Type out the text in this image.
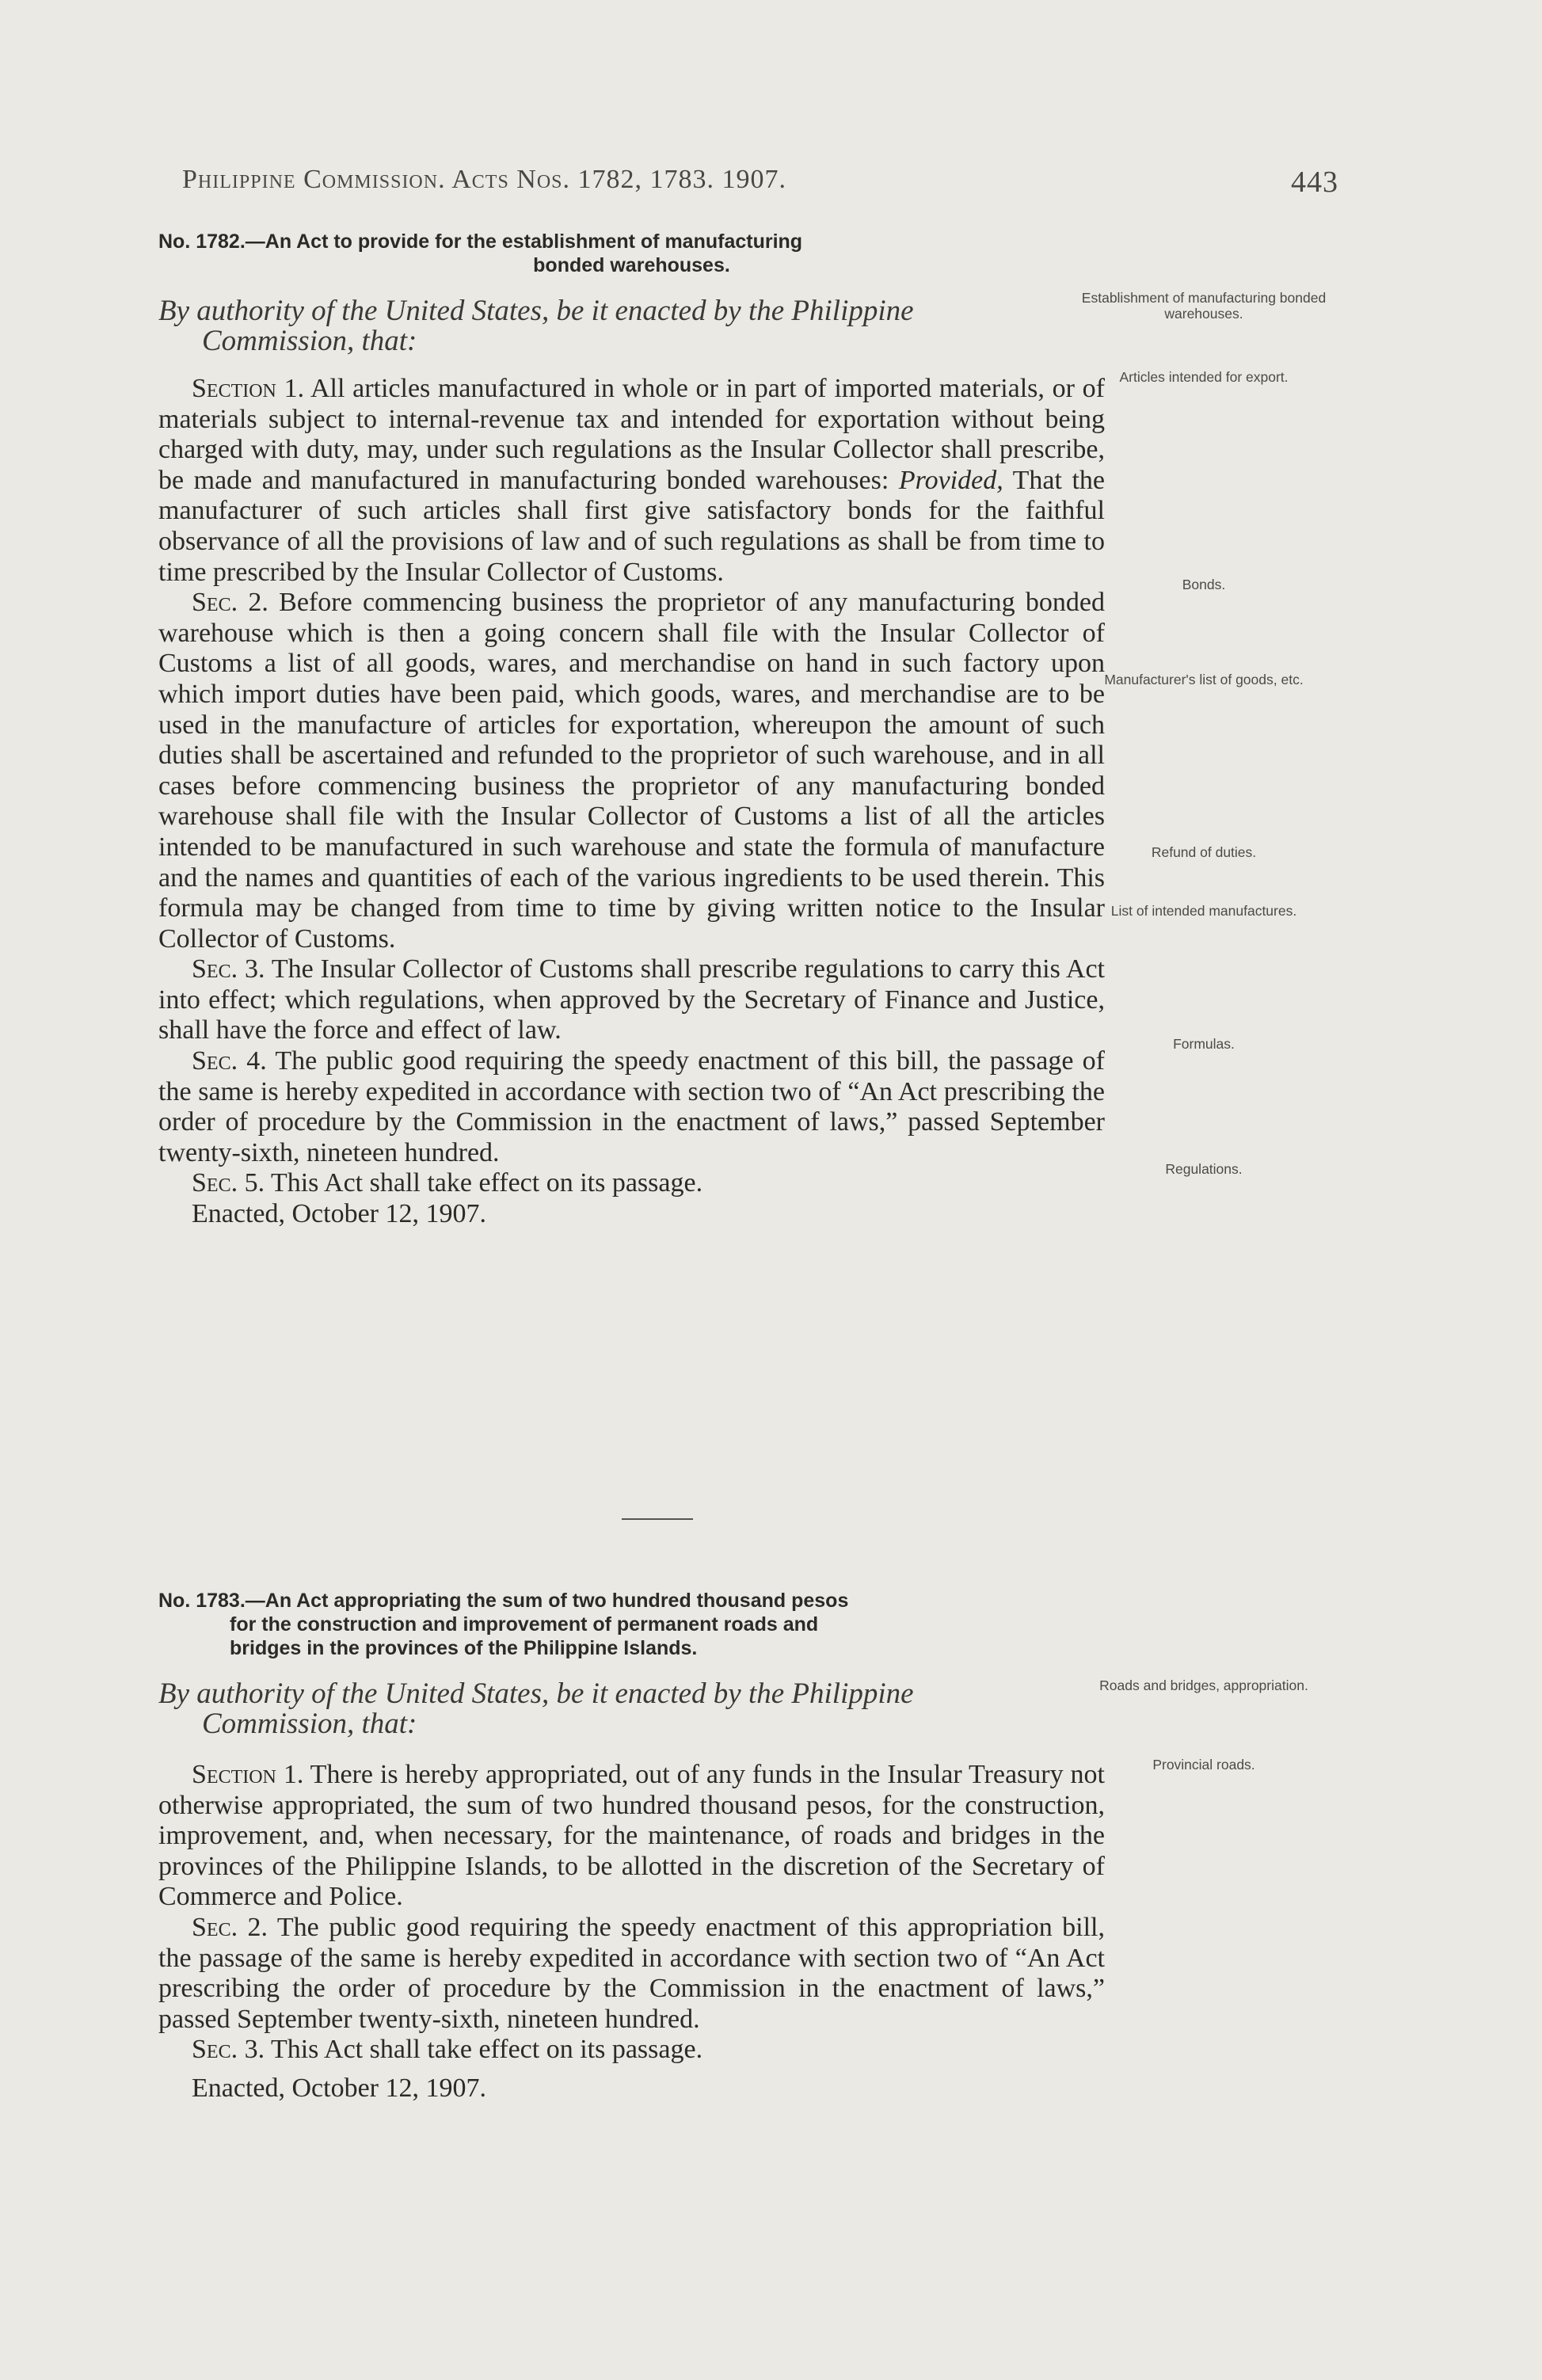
Philippine Commission. Acts Nos. 1782, 1783. 1907.	443
No. 1782.—An Act to provide for the establishment of manufacturing
bonded warehouses.
By authority of the United States, be it enacted by the Philippine
Commission, that:

Section 1. All articles manufactured in whole or in part of imported materials, or of materials subject to internal-revenue tax and intended for exportation without being charged with duty, may, under such regulations as the Insular Collector shall prescribe, be made and manufactured in manufacturing bonded warehouses: Provided, That the manufacturer of such articles shall first give satisfactory bonds for the faithful observance of all the provisions of law and of such regulations as shall be from time to time prescribed by the Insular Collector of Customs.

Sec. 2. Before commencing business the proprietor of any manufacturing bonded warehouse which is then a going concern shall file with the Insular Collector of Customs a list of all goods, wares, and merchandise on hand in such factory upon which import duties have been paid, which goods, wares, and merchandise are to be used in the manufacture of articles for exportation, whereupon the amount of such duties shall be ascertained and refunded to the proprietor of such warehouse, and in all cases before commencing business the proprietor of any manufacturing bonded warehouse shall file with the Insular Collector of Customs a list of all the articles intended to be manufactured in such warehouse and state the formula of manufacture and the names and quantities of each of the various ingredients to be used therein. This formula may be changed from time to time by giving written notice to the Insular Collector of Customs.

Sec. 3. The Insular Collector of Customs shall prescribe regulations to carry this Act into effect; which regulations, when approved by the Secretary of Finance and Justice, shall have the force and effect of law.

Sec. 4. The public good requiring the speedy enactment of this bill, the passage of the same is hereby expedited in accordance with section two of “An Act prescribing the order of procedure by the Commission in the enactment of laws,” passed September twenty-sixth, nineteen hundred.

Sec. 5. This Act shall take effect on its passage.

Enacted, October 12, 1907.

Establishment of manufacturing bonded warehouses.
Articles intended for export.
Bonds.
Manufacturer's list of goods, etc.
Refund of duties.
List of intended manufactures.
Formulas.
Regulations.
No. 1783.—An Act appropriating the sum of two hundred thousand pesos
for the construction and improvement of permanent roads and
bridges in the provinces of the Philippine Islands.
By authority of the United States, be it enacted by the Philippine
Commission, that:

Section 1. There is hereby appropriated, out of any funds in the Insular Treasury not otherwise appropriated, the sum of two hundred thousand pesos, for the construction, improvement, and, when necessary, for the maintenance, of roads and bridges in the provinces of the Philippine Islands, to be allotted in the discretion of the Secretary of Commerce and Police.

Sec. 2. The public good requiring the speedy enactment of this appropriation bill, the passage of the same is hereby expedited in accordance with section two of “An Act prescribing the order of procedure by the Commission in the enactment of laws,” passed September twenty-sixth, nineteen hundred.

Sec. 3. This Act shall take effect on its passage.

Enacted, October 12, 1907.

Roads and bridges, appropriation.
Provincial roads.
